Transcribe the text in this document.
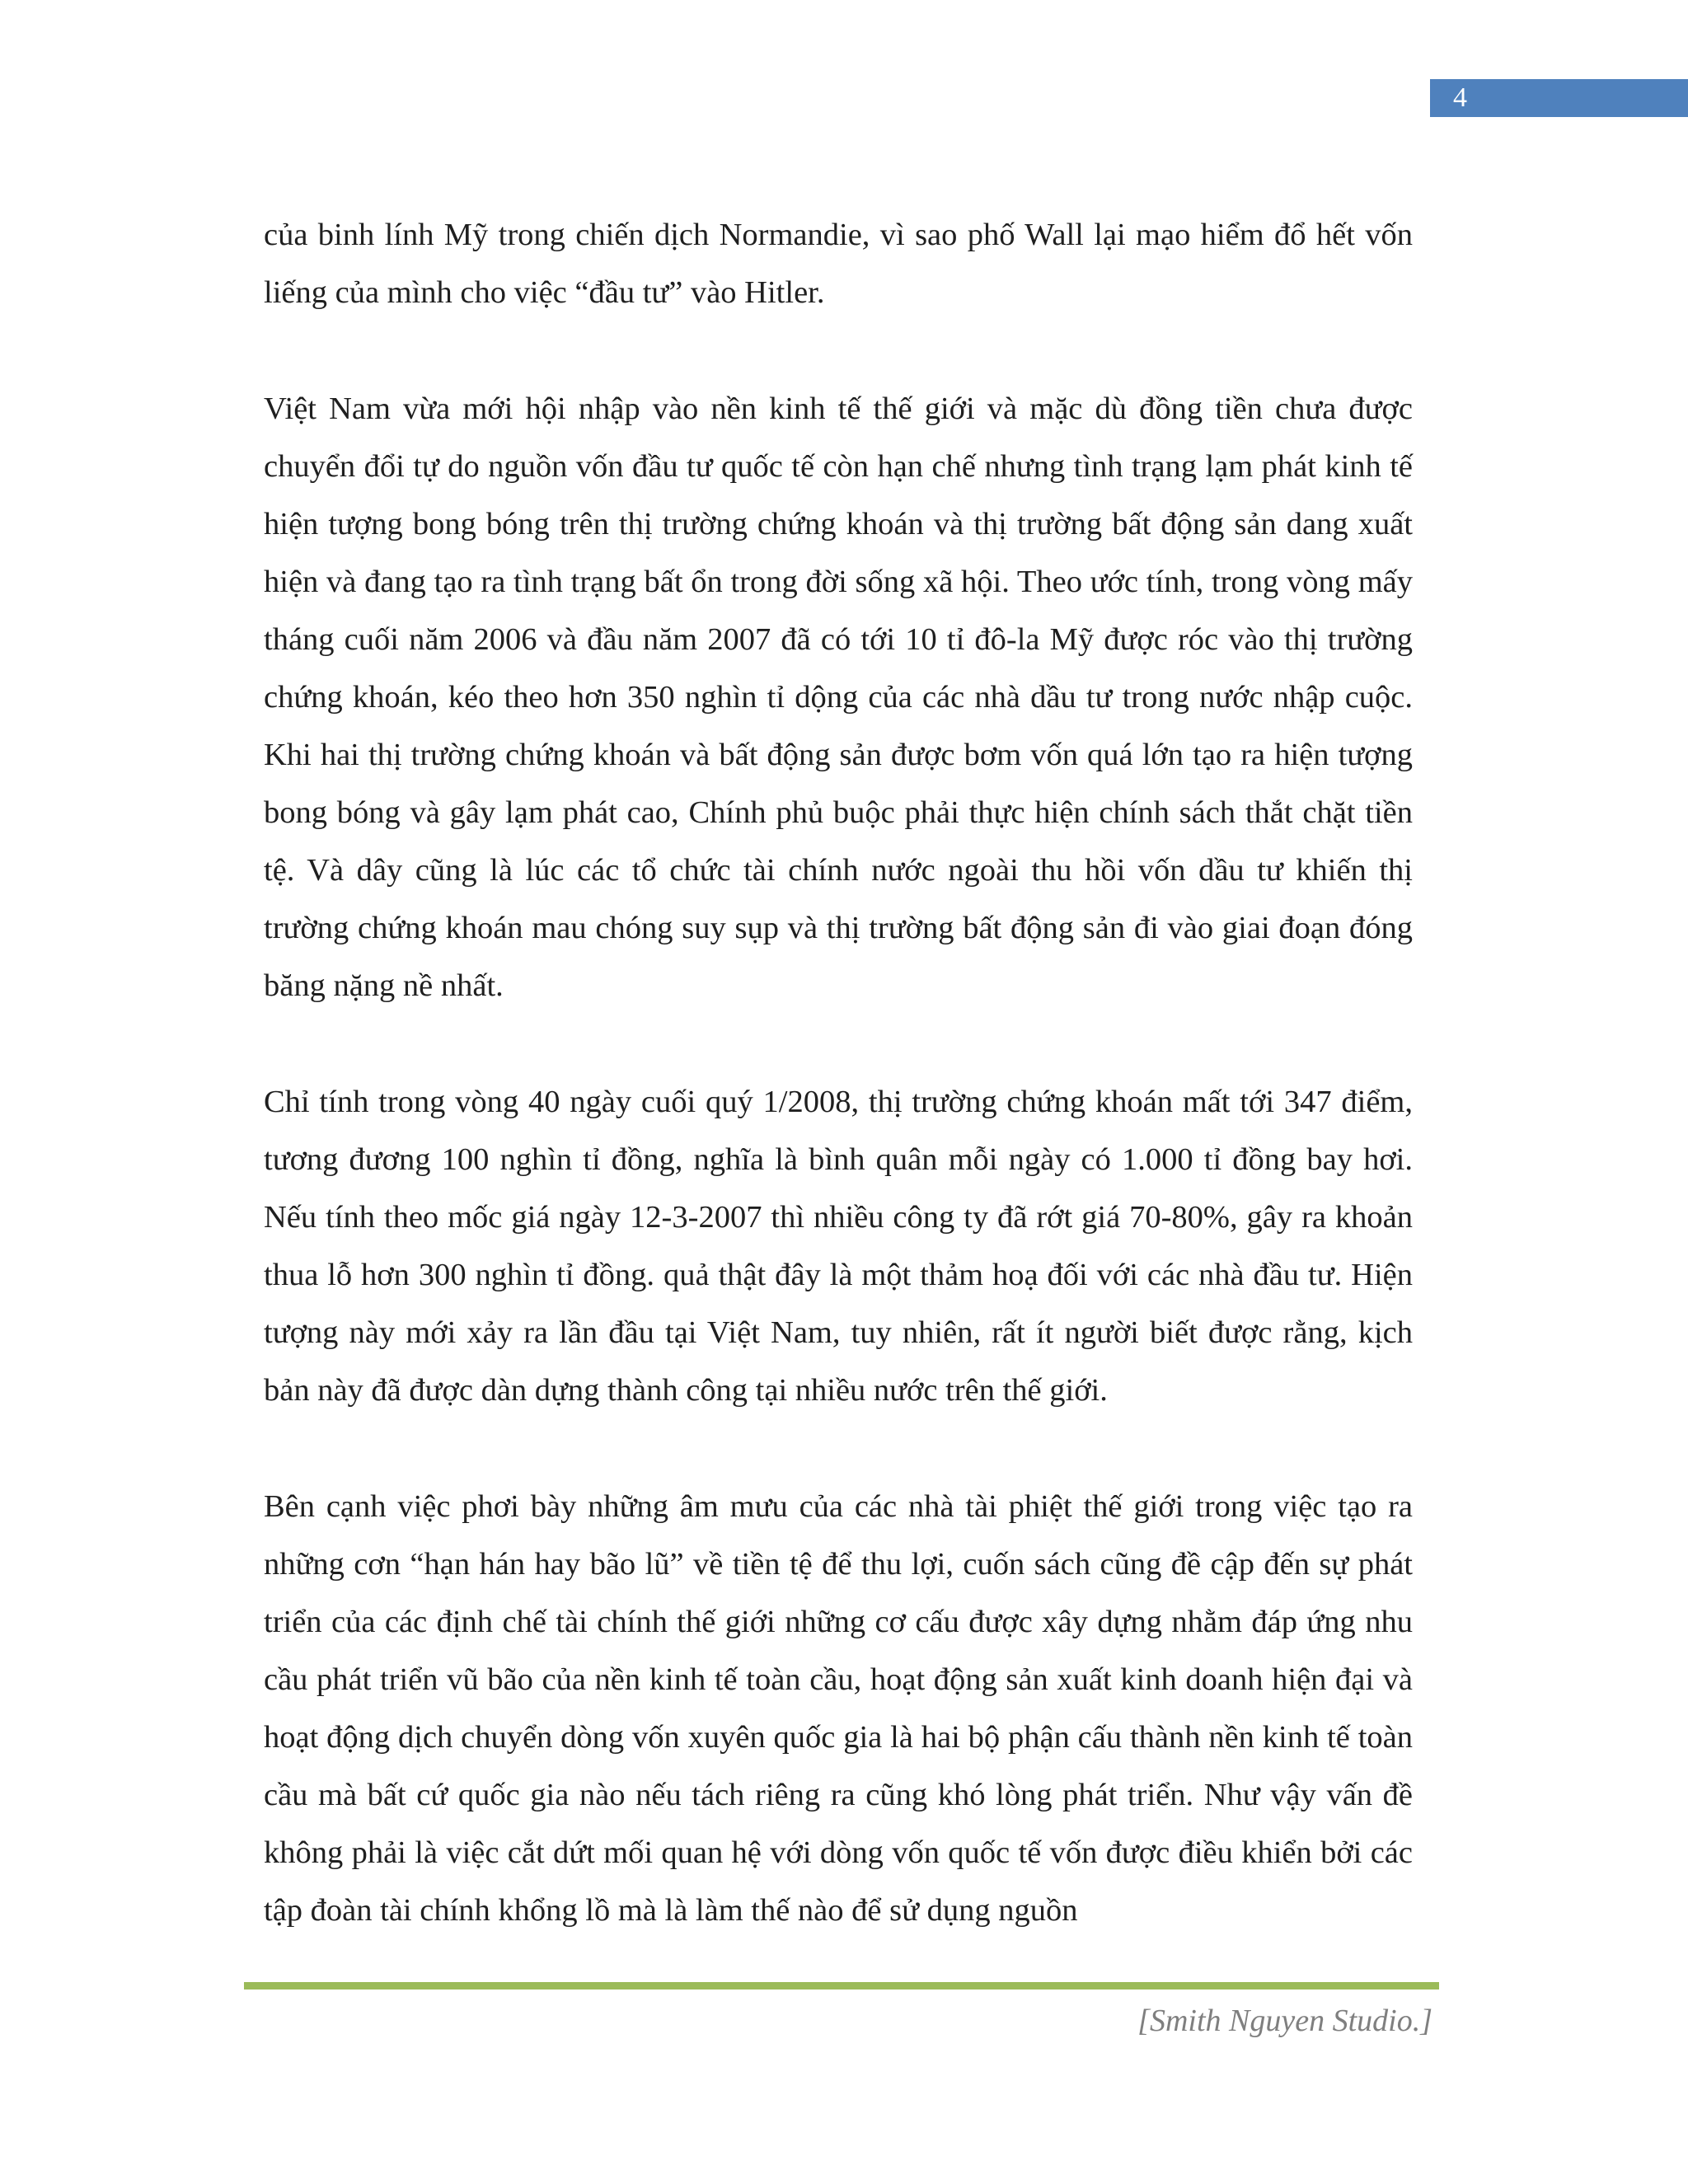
4

của binh lính Mỹ trong chiến dịch Normandie, vì sao phố Wall lại mạo hiểm đổ hết vốn liếng của mình cho việc “đầu tư” vào Hitler.

Việt Nam vừa mới hội nhập vào nền kinh tế thế giới và mặc dù đồng tiền chưa được chuyển đổi tự do nguồn vốn đầu tư quốc tế còn hạn chế nhưng tình trạng lạm phát kinh tế hiện tượng bong bóng trên thị trường chứng khoán và thị trường bất động sản dang xuất hiện và đang tạo ra tình trạng bất ổn trong đời sống xã hội. Theo ước tính, trong vòng mấy tháng cuối năm 2006 và đầu năm 2007 đã có tới 10 tỉ đô-la Mỹ được róc vào thị trường chứng khoán, kéo theo hơn 350 nghìn tỉ dộng của các nhà dầu tư trong nước nhập cuộc. Khi hai thị trường chứng khoán và bất động sản được bơm vốn quá lớn tạo ra hiện tượng bong bóng và gây lạm phát cao, Chính phủ buộc phải thực hiện chính sách thắt chặt tiền tệ. Và dây cũng là lúc các tổ chức tài chính nước ngoài thu hồi vốn dầu tư khiến thị trường chứng khoán mau chóng suy sụp và thị trường bất động sản đi vào giai đoạn đóng băng nặng nề nhất.

Chỉ tính trong vòng 40 ngày cuối quý 1/2008, thị trường chứng khoán mất tới 347 điểm, tương đương 100 nghìn tỉ đồng, nghĩa là bình quân mỗi ngày có 1.000 tỉ đồng bay hơi. Nếu tính theo mốc giá ngày 12-3-2007 thì nhiều công ty đã rớt giá 70-80%, gây ra khoản thua lỗ hơn 300 nghìn tỉ đồng. quả thật đây là một thảm hoạ đối với các nhà đầu tư. Hiện tượng này mới xảy ra lần đầu tại Việt Nam, tuy nhiên, rất ít người biết được rằng, kịch bản này đã được dàn dựng thành công tại nhiều nước trên thế giới.

Bên cạnh việc phơi bày những âm mưu của các nhà tài phiệt thế giới trong việc tạo ra những cơn “hạn hán hay bão lũ” về tiền tệ để thu lợi, cuốn sách cũng đề cập đến sự phát triển của các định chế tài chính thế giới những cơ cấu được xây dựng nhằm đáp ứng nhu cầu phát triển vũ bão của nền kinh tế toàn cầu, hoạt động sản xuất kinh doanh hiện đại và hoạt động dịch chuyển dòng vốn xuyên quốc gia là hai bộ phận cấu thành nền kinh tế toàn cầu mà bất cứ quốc gia nào nếu tách riêng ra cũng khó lòng phát triển. Như vậy vấn đề không phải là việc cắt dứt mối quan hệ với dòng vốn quốc tế vốn được điều khiển bởi các tập đoàn tài chính khổng lồ mà là làm thế nào để sử dụng nguồn

[Smith Nguyen Studio.]
